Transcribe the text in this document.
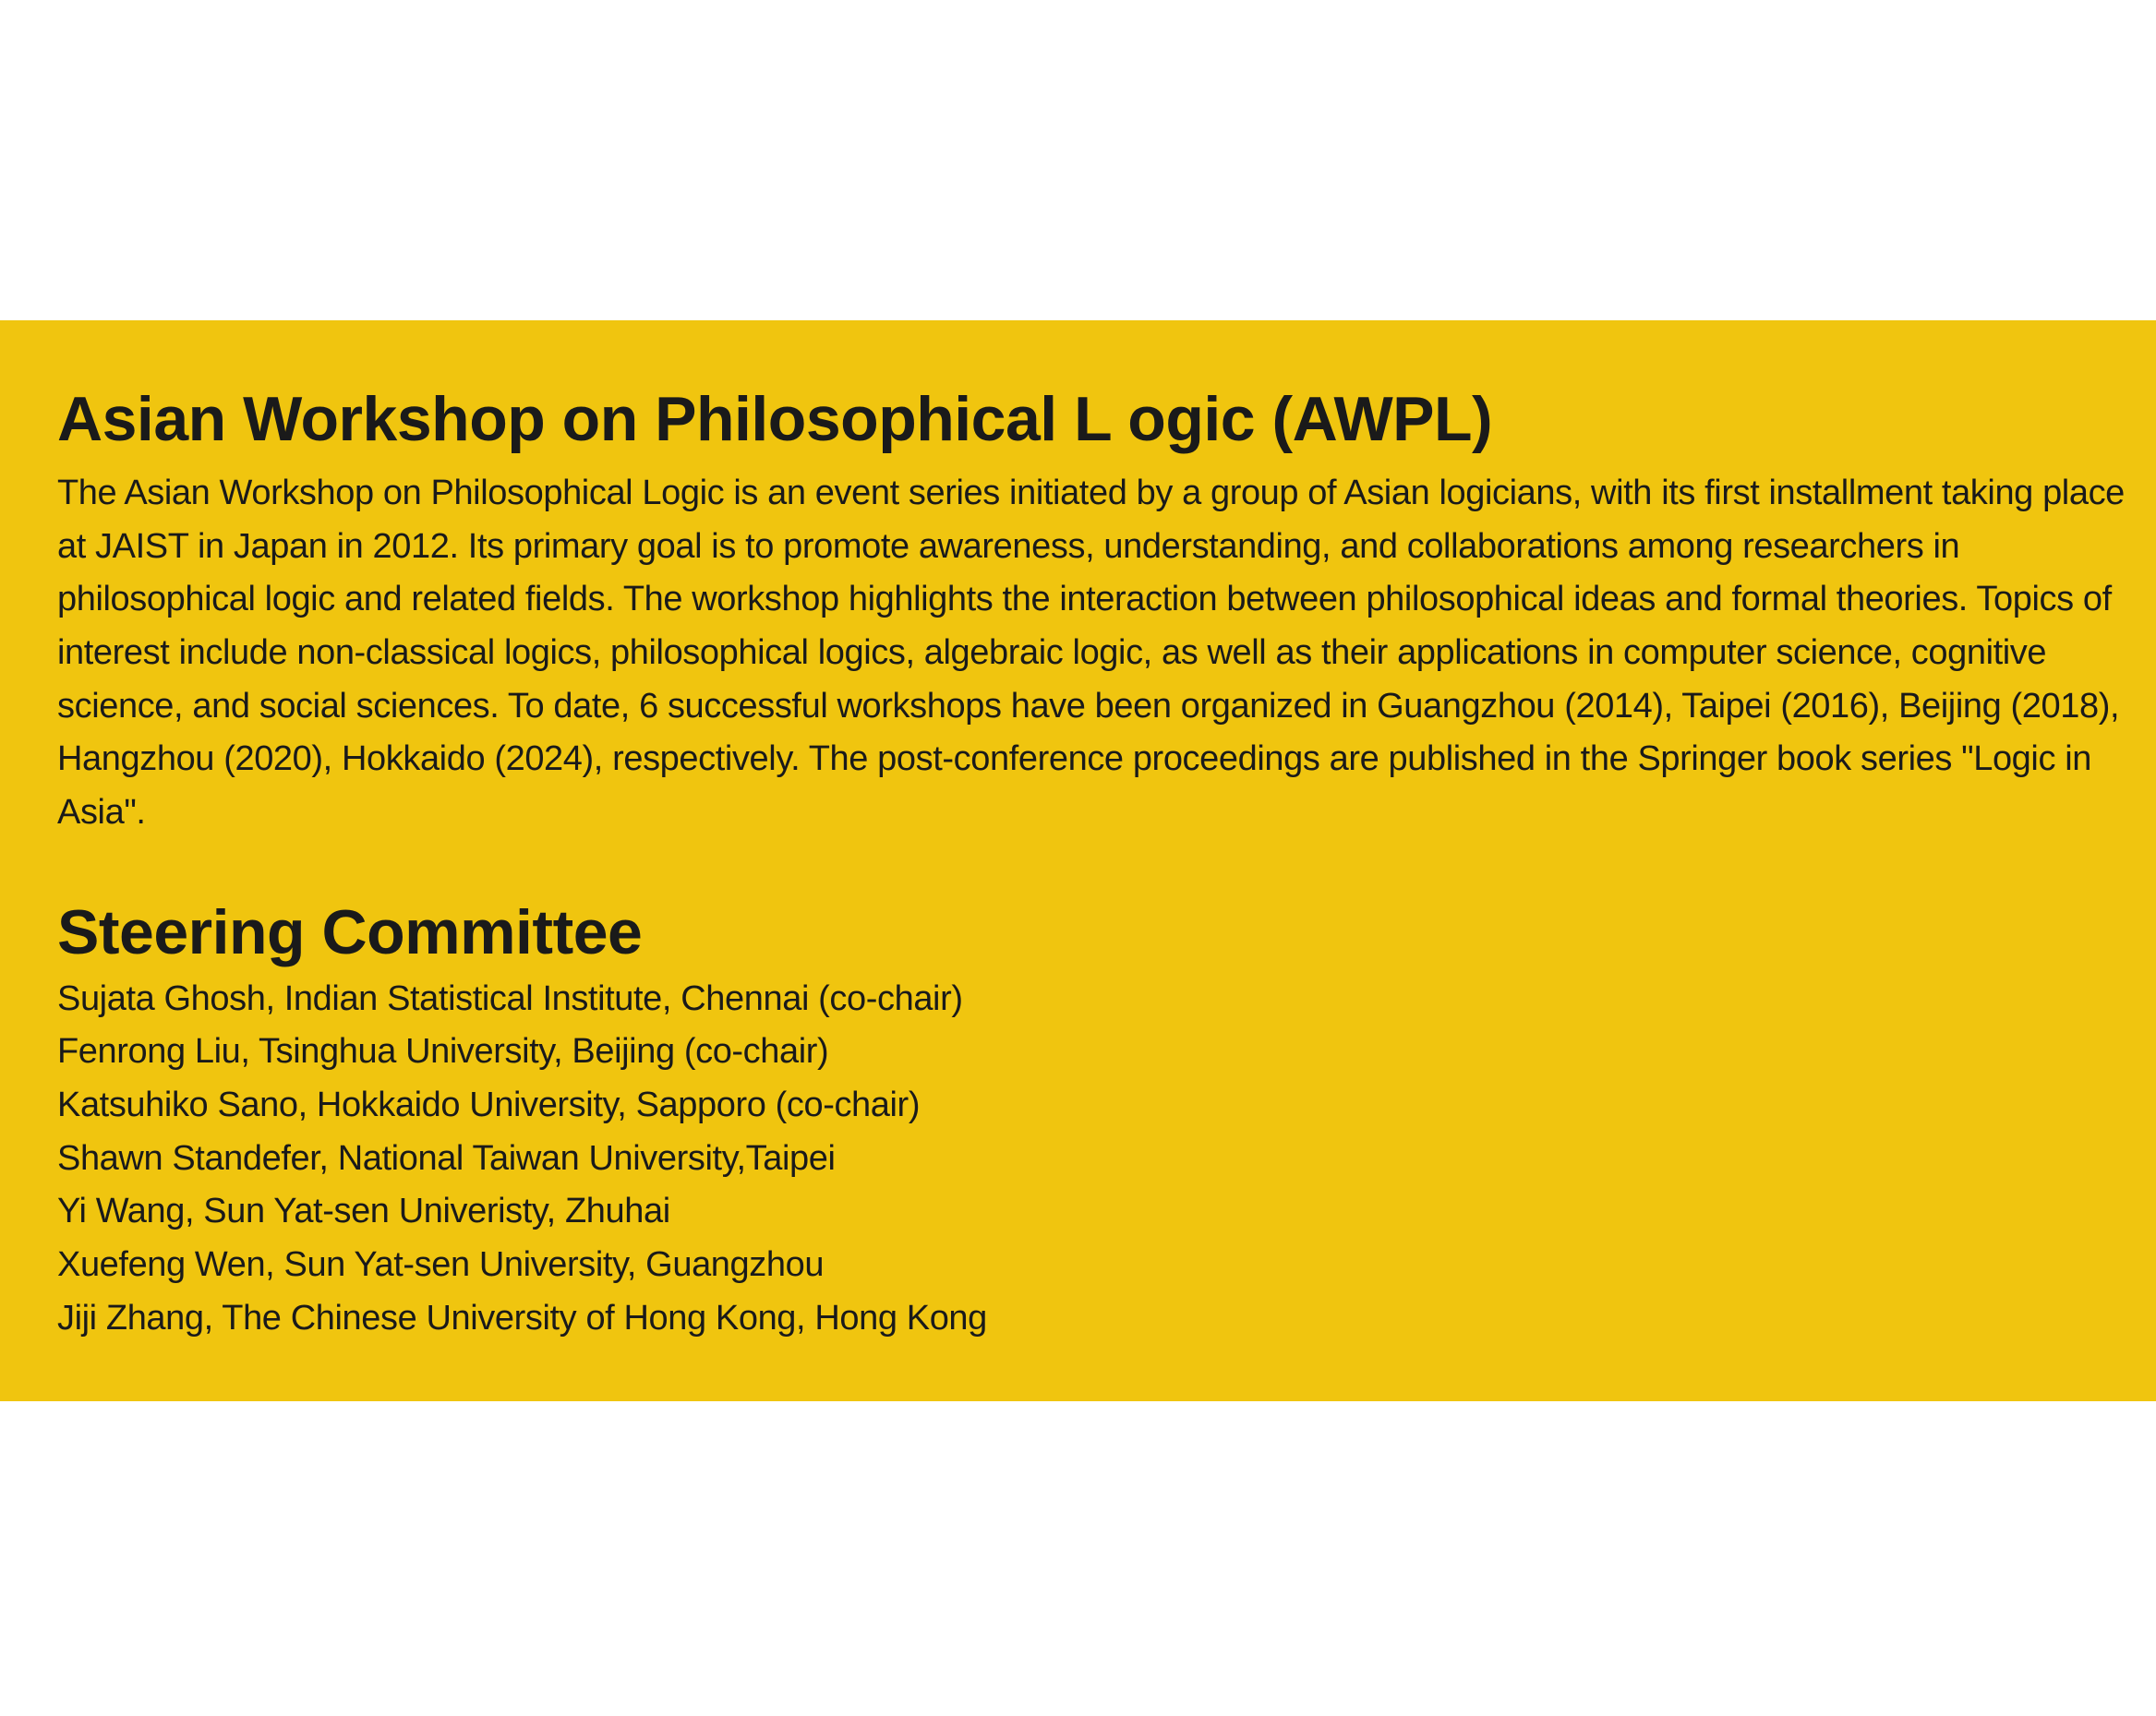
Asian Workshop on Philosophical L ogic (AWPL)

The Asian Workshop on Philosophical Logic is an event series initiated by a group of Asian logicians, with its first installment taking place at JAIST in Japan in 2012. Its primary goal is to promote awareness, understanding, and collaborations among researchers in philosophical logic and related fields. The workshop highlights the interaction between philosophical ideas and formal theories. Topics of interest include non-classical logics, philosophical logics, algebraic logic, as well as their applications in computer science, cognitive science, and social sciences. To date, 6 successful workshops have been organized in Guangzhou (2014), Taipei (2016), Beijing (2018), Hangzhou (2020), Hokkaido (2024), respectively. The post-conference proceedings are published in the Springer book series "Logic in Asia".

Steering Committee
Sujata Ghosh, Indian Statistical Institute, Chennai (co-chair)
Fenrong Liu, Tsinghua University, Beijing (co-chair)
Katsuhiko Sano, Hokkaido University, Sapporo (co-chair)
Shawn Standefer, National Taiwan University,Taipei
Yi Wang, Sun Yat-sen Univeristy, Zhuhai
Xuefeng Wen, Sun Yat-sen University, Guangzhou
Jiji Zhang, The Chinese University of Hong Kong, Hong Kong
